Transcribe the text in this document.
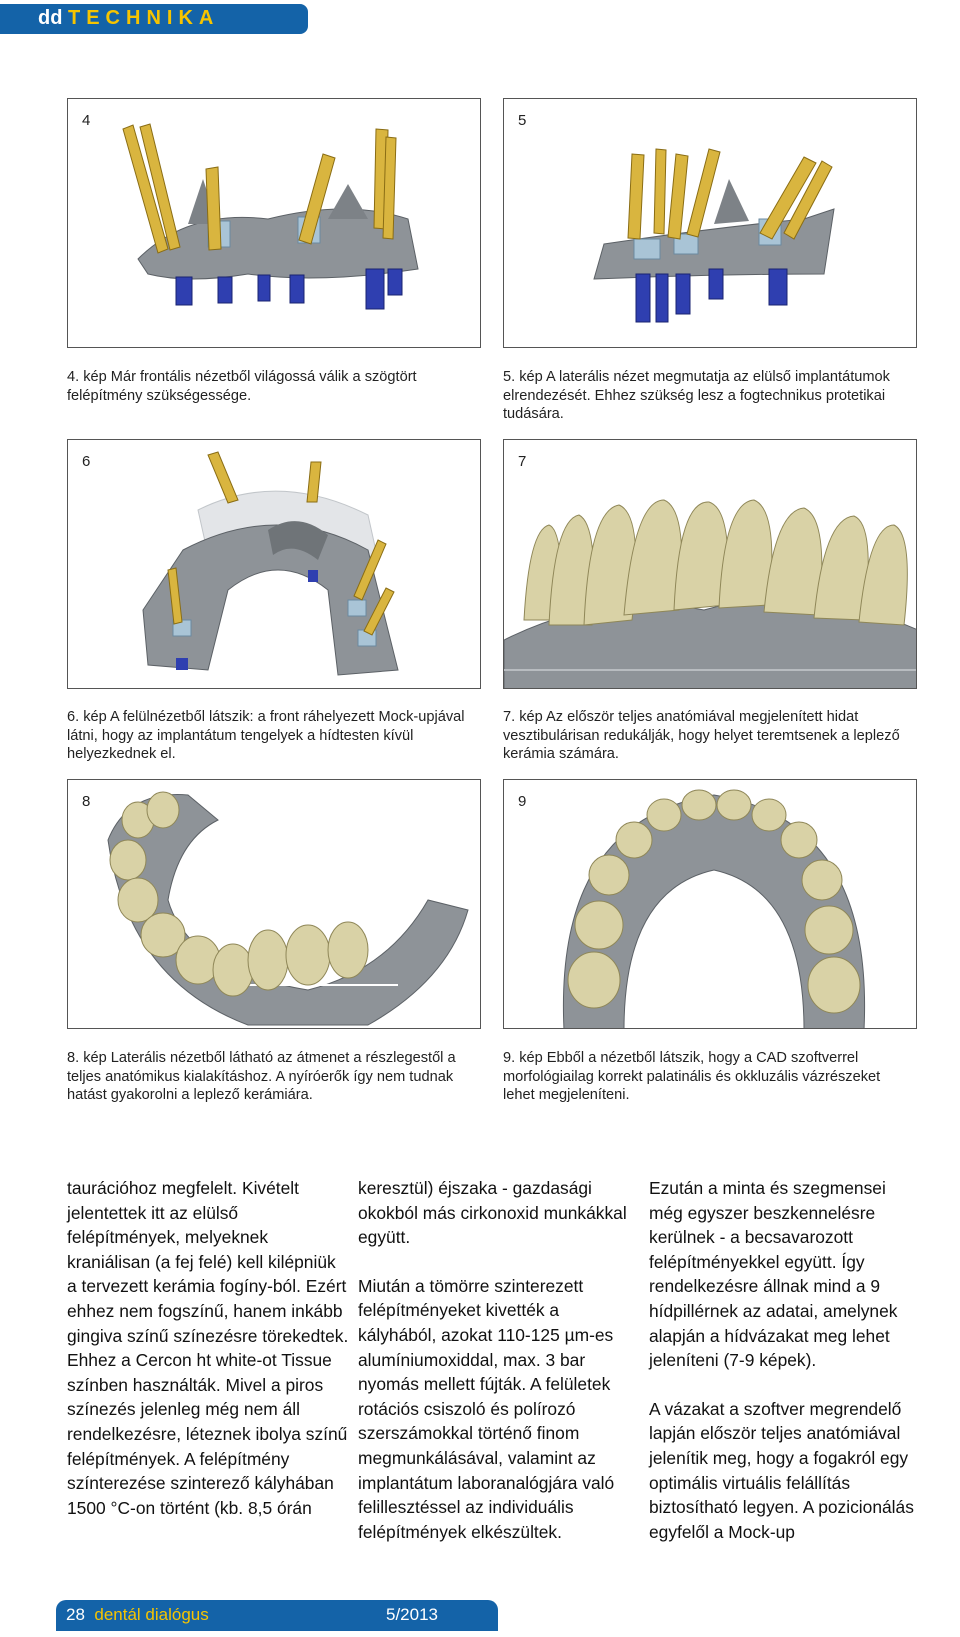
dd TECHNIKA
4
4. kép Már frontális nézetből világossá válik a szögtört felépítmény szükségessége.
5
5. kép A laterális nézet megmutatja az elülső implantátumok elrendezését. Ehhez szükség lesz a fogtechnikus protetikai tudására.
6
6. kép A felülnézetből látszik: a front ráhelyezett Mock-upjával látni, hogy az implantátum tengelyek a hídtesten kívül helyezkednek el.
7
7. kép Az először teljes anatómiával megjelenített hidat vesztibulárisan redukálják, hogy helyet teremtsenek a leplező kerámia számára.
8
8. kép Laterális nézetből látható az átmenet a részlegestől a teljes anatómikus kialakításhoz. A nyíróerők így nem tudnak hatást gyakorolni a leplező kerámiára.
9
9. kép Ebből a nézetből látszik, hogy a CAD szoftverrel morfológiailag korrekt palatinális és okkluzális vázrészeket lehet megjeleníteni.

taurációhoz megfelelt. Kivételt jelentettek itt az elülső felépítmények, melyeknek kraniálisan (a fej felé) kell kilépniük a tervezett kerámia fogíny-ból. Ezért ehhez nem fogszínű, hanem inkább gingiva színű színezésre törekedtek. Ehhez a Cercon ht white-ot Tissue színben használták. Mivel a piros színezés jelenleg még nem áll rendelkezésre, léteznek ibolya színű felépítmények. A felépítmény színterezése szinterező kályhában 1500 °C-on történt (kb. 8,5 órán

keresztül) éjszaka - gazdasági okokból más cirkonoxid munkákkal együtt.

Miután a tömörre szinterezett felépítményeket kivették a kályhából, azokat 110-125 µm-es alumíniumoxiddal, max. 3 bar nyomás mellett fújták. A felületek rotációs csiszoló és polírozó szerszámokkal történő finom megmunkálásával, valamint az implantátum laboranalógjára való felillesztéssel az individuális felépítmények elkészültek.

Ezután a minta és szegmensei még egyszer beszkennelésre kerülnek - a becsavarozott felépítményekkel együtt. Így rendelkezésre állnak mind a 9 hídpillérnek az adatai, amelynek alapján a hídvázakat meg lehet jeleníteni (7-9 képek).

A vázakat a szoftver megrendelő lapján először teljes anatómiával jelenítik meg, hogy a fogakról egy optimális virtuális felállítás biztosítható legyen. A pozicionálás egyfelől a Mock-up

28 dentál dialógus	5/2013
